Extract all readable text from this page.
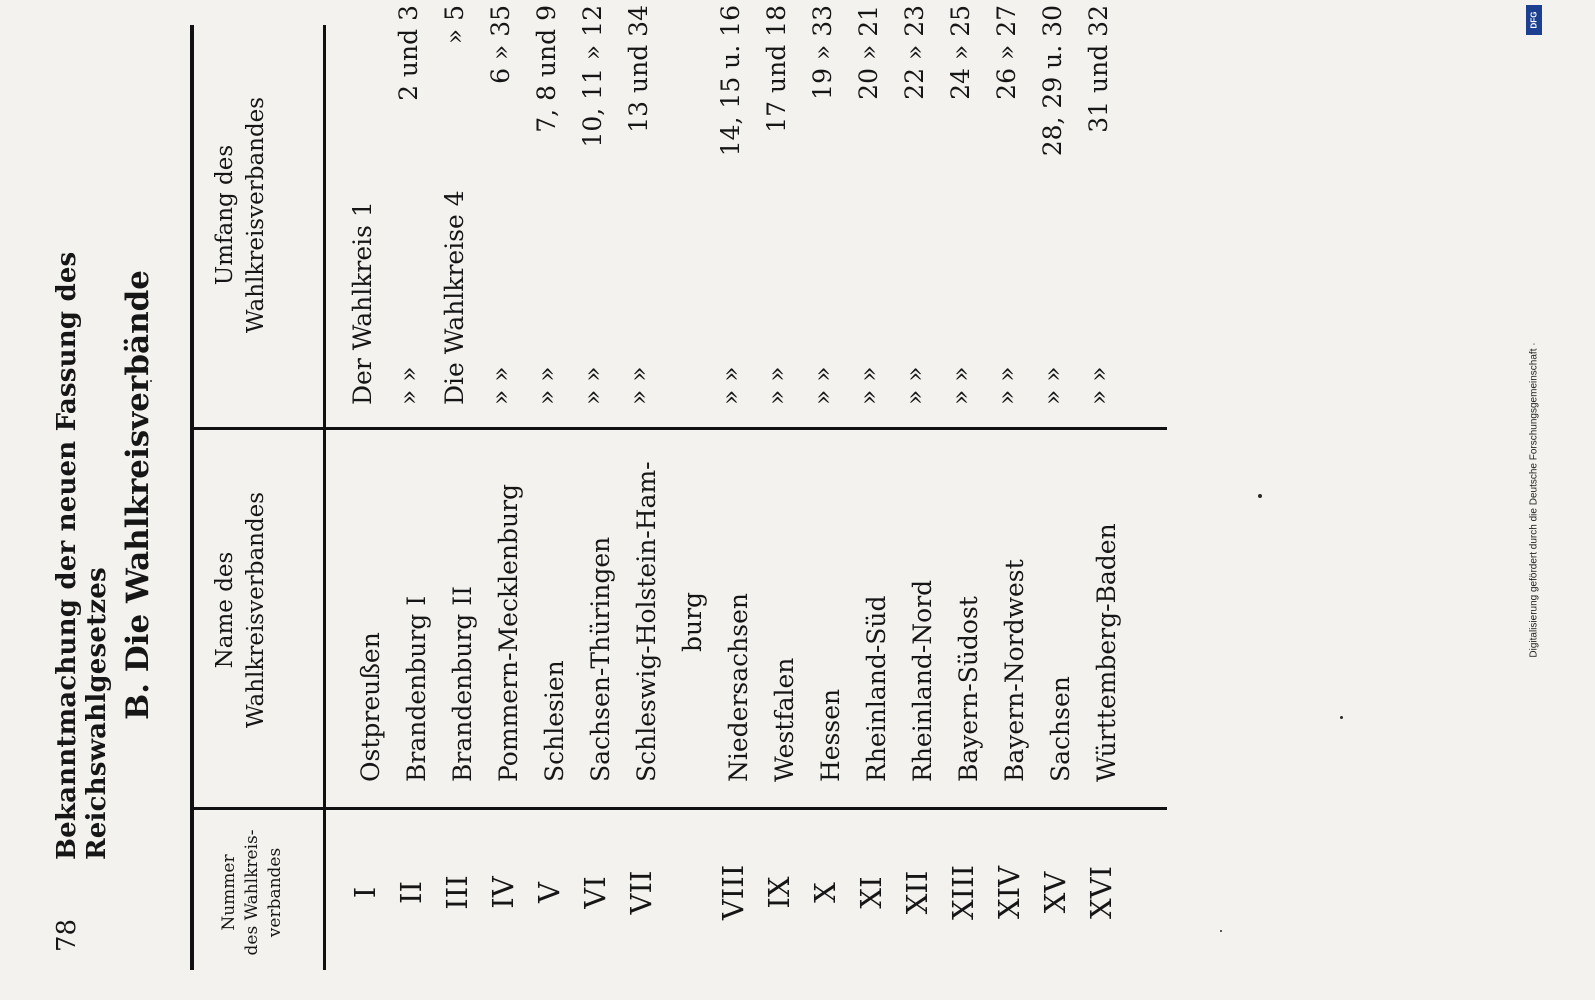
78
Bekanntmachung der neuen Fassung des Reichswahlgesetzes B. Die Wahlkreisverbände
Nummer des Wahlkreis- verbandes
Name des Wahlkreisverbandes
Umfang des Wahlkreisverbandes
I
Ostpreußen
Der Wahlkreis 1
II
Brandenburg I
» »
2 und 3
III
Brandenburg II
Die Wahlkreise 4
» 5
IV
Pommern-Mecklenburg
» »
6 » 35
V
Schlesien
» »
7, 8 und 9
VI
Sachsen-Thüringen
» »
10, 11 » 12
VII
Schleswig-Holstein-Ham-
» »
13 und 34
burg
VIII
Niedersachsen
» »
14, 15 u. 16
IX
Westfalen
» »
17 und 18
X
Hessen
» »
19 » 33
XI
Rheinland-Süd
» »
20 » 21
XII
Rheinland-Nord
» »
22 » 23
XIII
Bayern-Südost
» »
24 » 25
XIV
Bayern-Nordwest
» »
26 » 27
XV
Sachsen
» »
28, 29 u. 30
XVI
Württemberg-Baden
» »
31 und 32
Digitalisierung gefördert durch die Deutsche Forschungsgemeinschaft ·
DFG
